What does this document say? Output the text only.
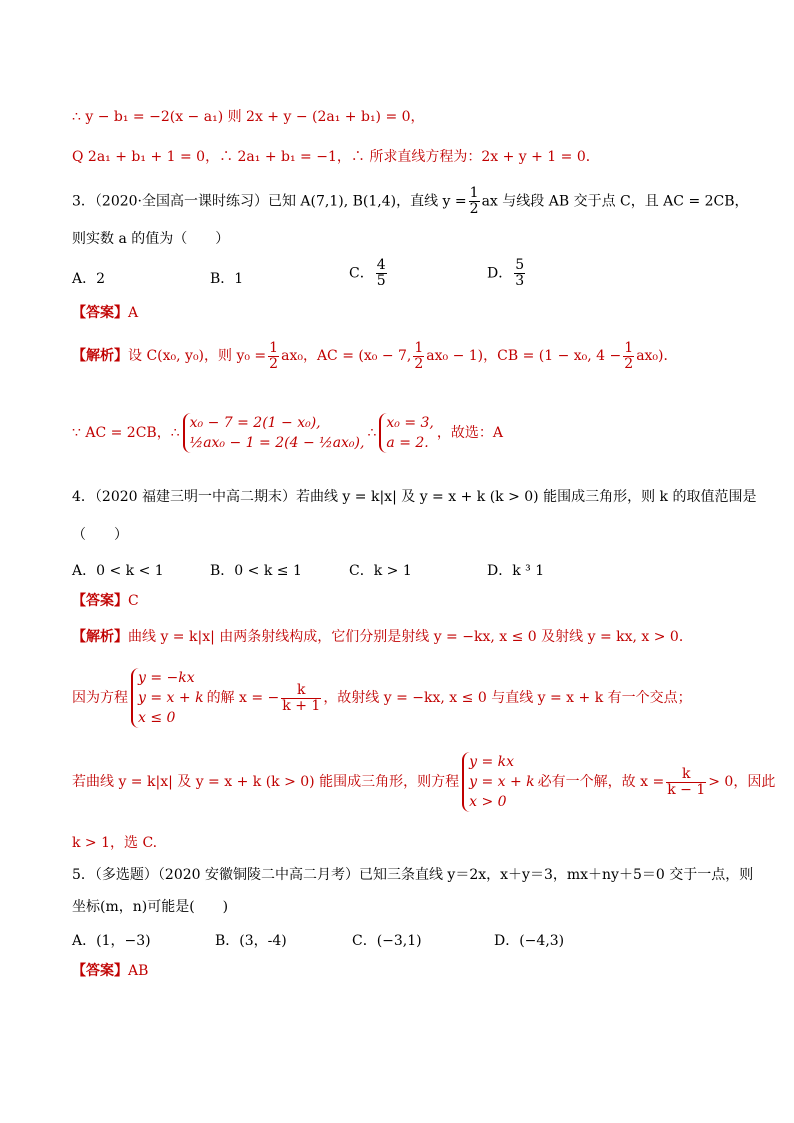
∴ y − b₁ = −2(x − a₁) 则 2x + y − (2a₁ + b₁) = 0，
Q 2a₁ + b₁ + 1 = 0，∴ 2a₁ + b₁ = −1，∴ 所求直线方程为：2x + y + 1 = 0．
3．（2020·全国高一课时练习）已知 A(7,1), B(1,4)，直线 $y = \frac{1}{2}$ ax 与线段 AB 交于点 C，且 AC = 2CB，
则实数 a 的值为（　　）
A．2	B．1	C． $\frac{4}{5}$	D． $\frac{5}{3}$
【答案】A
【解析】设 C(x₀, y₀)，则 $y_0 = \frac{1}{2} ax_0$，AC = (x₀ − 7, $\frac{1}{2} ax_0 - 1$)，CB = (1 − x₀, $4 - \frac{1}{2} ax_0$)．
∵ AC = 2CB，∴
x₀ − 7 = 2(1 − x₀),
½ax₀ − 1 = 2(4 − ½ax₀),
∴
x₀ = 3,
a = 2.
，故选：A
4．（2020 福建三明一中高二期末）若曲线 y = k|x| 及 y = x + k (k > 0) 能围成三角形，则 k 的取值范围是
（　　）
A．0 < k < 1	B．0 < k ≤ 1	C．k > 1	D．k ³ 1
【答案】C
【解析】曲线 y = k|x| 由两条射线构成，它们分别是射线 y = −kx, x ≤ 0 及射线 y = kx, x > 0．
因为方程
y = −kx
y = x + k
x ≤ 0
的解 x = − $\frac{k}{k + 1}$ ，故射线 y = −kx, x ≤ 0 与直线 y = x + k 有一个交点；
若曲线 y = k|x| 及 y = x + k (k > 0) 能围成三角形，则方程
y = kx
y = x + k
x > 0
必有一个解，故 $x = \frac{k}{k - 1} > 0$，因此
k > 1，选 C.
5．（多选题）（2020 安徽铜陵二中高二月考）已知三条直线 y＝2x，x＋y＝3，mx＋ny＋5＝0 交于一点，则
坐标(m，n)可能是(　　)
A．(1，−3)	B．(3，-4)	C．(−3,1)	D．(−4,3)
【答案】AB
